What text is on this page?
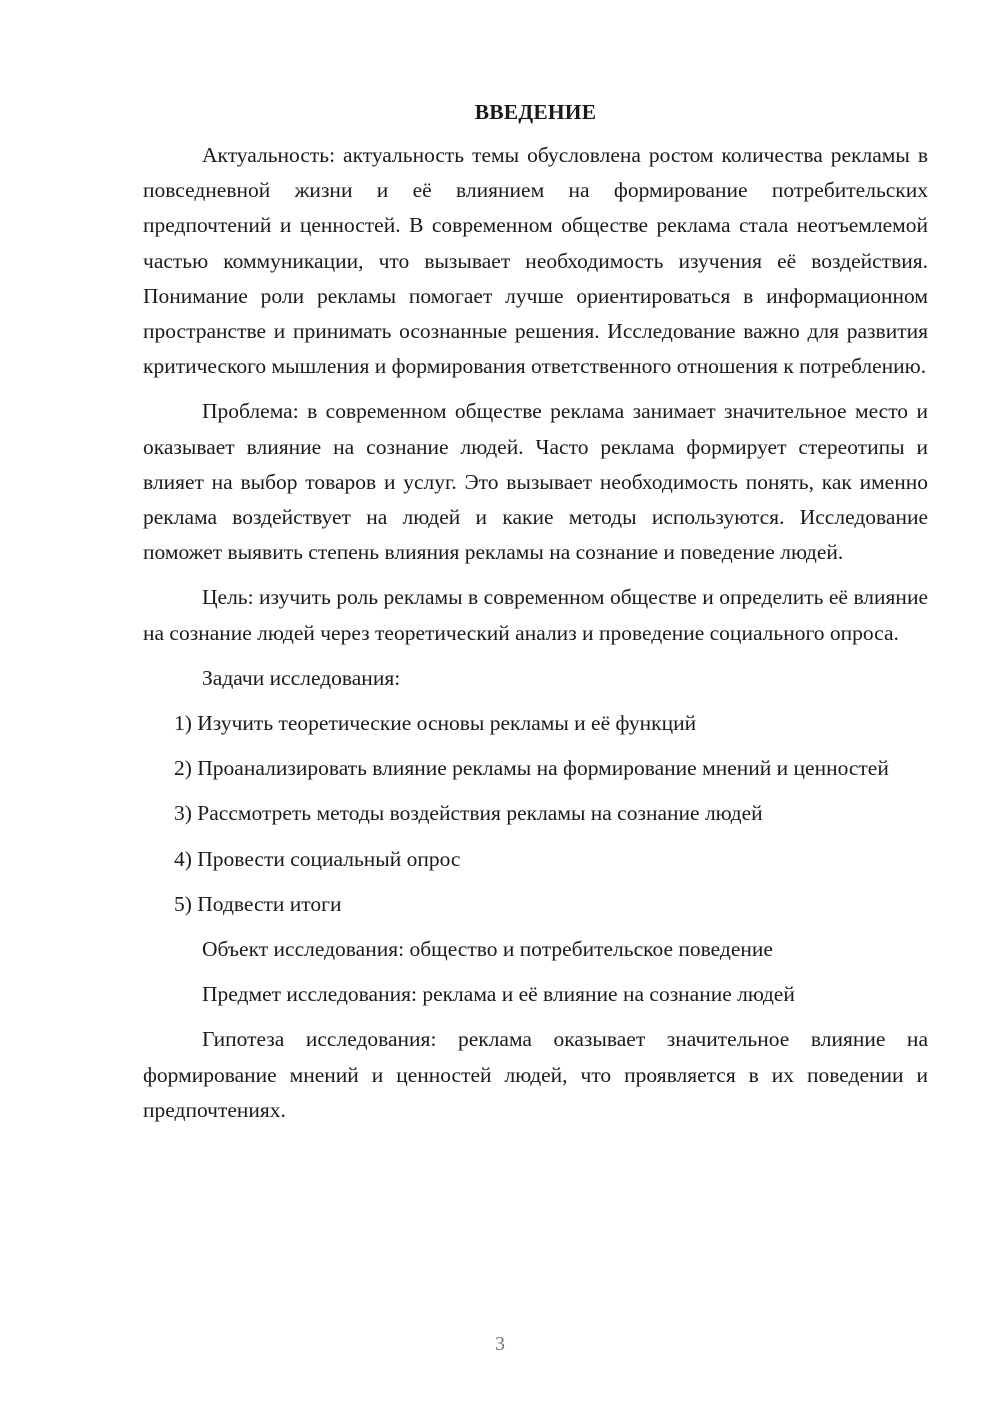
ВВЕДЕНИЕ

Актуальность: актуальность темы обусловлена ростом количества рекламы в повседневной жизни и её влиянием на формирование потребительских предпочтений и ценностей. В современном обществе реклама стала неотъемлемой частью коммуникации, что вызывает необходимость изучения её воздействия. Понимание роли рекламы помогает лучше ориентироваться в информационном пространстве и принимать осознанные решения. Исследование важно для развития критического мышления и формирования ответственного отношения к потреблению.

Проблема: в современном обществе реклама занимает значительное место и оказывает влияние на сознание людей. Часто реклама формирует стереотипы и влияет на выбор товаров и услуг. Это вызывает необходимость понять, как именно реклама воздействует на людей и какие методы используются. Исследование поможет выявить степень влияния рекламы на сознание и поведение людей.

Цель: изучить роль рекламы в современном обществе и определить её влияние на сознание людей через теоретический анализ и проведение социального опроса.

Задачи исследования:

1) Изучить теоретические основы рекламы и её функций

2) Проанализировать влияние рекламы на формирование мнений и ценностей

3) Рассмотреть методы воздействия рекламы на сознание людей

4) Провести социальный опрос

5) Подвести итоги

Объект исследования: общество и потребительское поведение

Предмет исследования: реклама и её влияние на сознание людей

Гипотеза исследования: реклама оказывает значительное влияние на формирование мнений и ценностей людей, что проявляется в их поведении и предпочтениях.

3
